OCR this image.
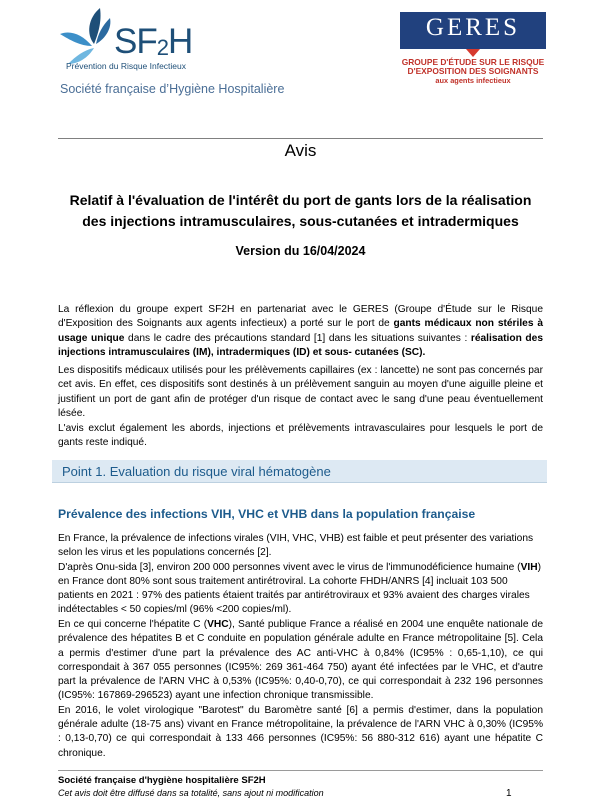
$SF_2H$
Prévention du Risque Infectieux
Société française d’Hygiène Hospitalière
GERES
GROUPE D'ÉTUDE SUR LE RISQUE
D'EXPOSITION DES SOIGNANTS
aux agents infectieux
Avis
Relatif à l'évaluation de l'intérêt du port de gants lors de la réalisation
des injections intramusculaires, sous-cutanées et intradermiques
Version du 16/04/2024
La réflexion du groupe expert SF2H en partenariat avec le GERES (Groupe d'Étude sur le Risque d'Exposition des Soignants aux agents infectieux) a porté sur le port de gants médicaux non stériles à usage unique dans le cadre des précautions standard [1] dans les situations suivantes : réalisation des injections intramusculaires (IM), intradermiques (ID) et sous- cutanées (SC).
Les dispositifs médicaux utilisés pour les prélèvements capillaires (ex : lancette) ne sont pas concernés par cet avis. En effet, ces dispositifs sont destinés à un prélèvement sanguin au moyen d'une aiguille pleine et justifient un port de gant afin de protéger d'un risque de contact avec le sang d'une peau éventuellement lésée.
L'avis exclut également les abords, injections et prélèvements intravasculaires pour lesquels le port de gants reste indiqué.
Point 1. Evaluation du risque viral hématogène
Prévalence des infections VIH, VHC et VHB dans la population française
En France, la prévalence de infections virales (VIH, VHC, VHB) est faible et peut présenter des variations selon les virus et les populations concernés [2].
D'après Onu-sida [3], environ 200 000 personnes vivent avec le virus de l'immunodéficience humaine (VIH) en France dont 80% sont sous traitement antirétroviral. La cohorte FHDH/ANRS [4] incluait 103 500 patients en 2021 : 97% des patients étaient traités par antirétroviraux et 93% avaient des charges virales indétectables < 50 copies/ml (96% <200 copies/ml).
En ce qui concerne l'hépatite C (VHC), Santé publique France a réalisé en 2004 une enquête nationale de prévalence des hépatites B et C conduite en population générale adulte en France métropolitaine [5]. Cela a permis d'estimer d'une part la prévalence des AC anti-VHC à 0,84% (IC95% : 0,65-1,10), ce qui correspondait à 367 055 personnes (IC95%: 269 361-464 750) ayant été infectées par le VHC, et d'autre part la prévalence de l'ARN VHC à 0,53% (IC95%: 0,40-0,70), ce qui correspondait à 232 196 personnes (IC95%: 167869-296523) ayant une infection chronique transmissible.
En 2016, le volet virologique "Barotest" du Baromètre santé [6] a permis d'estimer, dans la population générale adulte (18-75 ans) vivant en France métropolitaine, la prévalence de l'ARN VHC à 0,30% (IC95% : 0,13-0,70) ce qui correspondait à 133 466 personnes (IC95%: 56 880-312 616) ayant une hépatite C chronique.
Société française d'hygiène hospitalière SF2H
Cet avis doit être diffusé dans sa totalité, sans ajout ni modification	1
